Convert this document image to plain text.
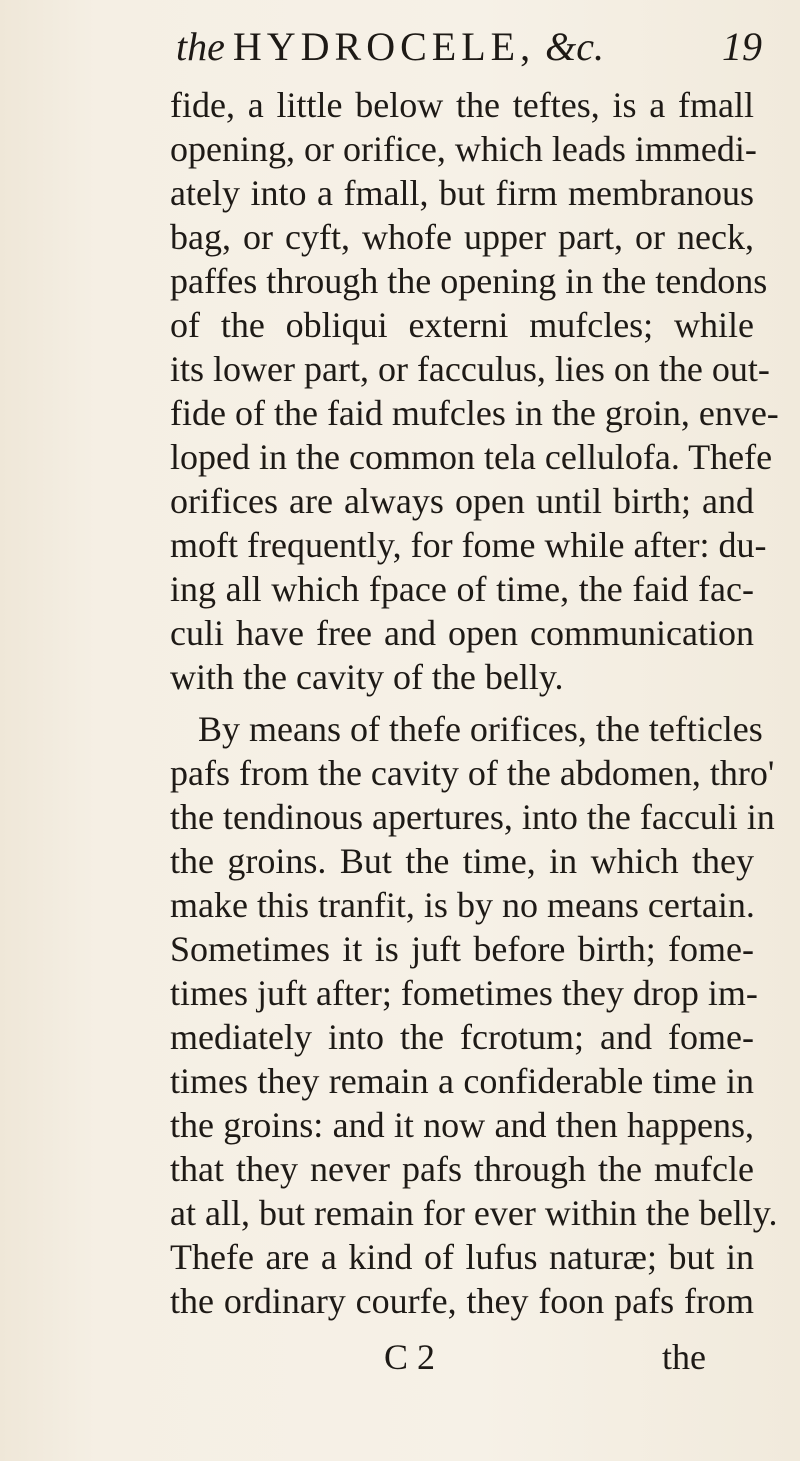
the HYDROCELE, &c.	19
fide, a little below the teftes, is a fmall
opening, or orifice, which leads immedi-
ately into a fmall, but firm membranous
bag, or cyft, whofe upper part, or neck,
paffes through the opening in the tendons
of the obliqui externi mufcles; while
its lower part, or facculus, lies on the out-
fide of the faid mufcles in the groin, enve-
loped in the common tela cellulofa. Thefe
orifices are always open until birth; and
moft frequently, for fome while after: du-
ing all which fpace of time, the faid fac-
culi have free and open communication
with the cavity of the belly.
By means of thefe orifices, the tefticles
pafs from the cavity of the abdomen, thro'
the tendinous apertures, into the facculi in
the groins. But the time, in which they
make this tranfit, is by no means certain.
Sometimes it is juft before birth; fome-
times juft after; fometimes they drop im-
mediately into the fcrotum; and fome-
times they remain a confiderable time in
the groins: and it now and then happens,
that they never pafs through the mufcle
at all, but remain for ever within the belly.
Thefe are a kind of lufus naturæ; but in
the ordinary courfe, they foon pafs from
C 2	the
